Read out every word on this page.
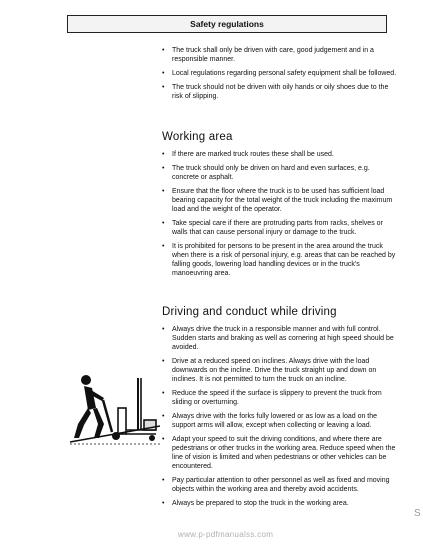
Safety regulations
• The truck shall only be driven with care, good judgement and in a responsible manner.
• Local regulations regarding personal safety equipment shall be followed.
• The truck should not be driven with oily hands or oily shoes due to the risk of slipping.
Working area
• If there are marked truck routes these shall be used.
• The truck should only be driven on hard and even surfaces, e.g. concrete or asphalt.
• Ensure that the floor where the truck is to be used has sufficient load bearing capacity for the total weight of the truck including the maximum load and the weight of the operator.
• Take special care if there are protruding parts from racks, shelves or walls that can cause personal injury or damage to the truck.
• It is prohibited for persons to be present in the area around the truck when there is a risk of personal injury, e.g. areas that can be reached by falling goods, lowering load handling devices or in the truck's manoeuvring area.
Driving and conduct while driving
• Always drive the truck in a responsible manner and with full control. Sudden starts and braking as well as cornering at high speed should be avoided.
• Drive at a reduced speed on inclines. Always drive with the load downwards on the incline. Drive the truck straight up and down on inclines. It is not permitted to turn the truck on an incline.
• Reduce the speed if the surface is slippery to prevent the truck from sliding or overturning.
• Always drive with the forks fully lowered or as low as a load on the support arms will allow, except when collecting or leaving a load.
• Adapt your speed to suit the driving conditions, and where there are pedestrians or other trucks in the working area. Reduce speed when the line of vision is limited and when pedestrians or other vehicles can be encountered.
• Pay particular attention to other personnel as well as fixed and moving objects within the working area and thereby avoid accidents.
• Always be prepared to stop the truck in the working area.
www.p-pdfmanualss.com
S
